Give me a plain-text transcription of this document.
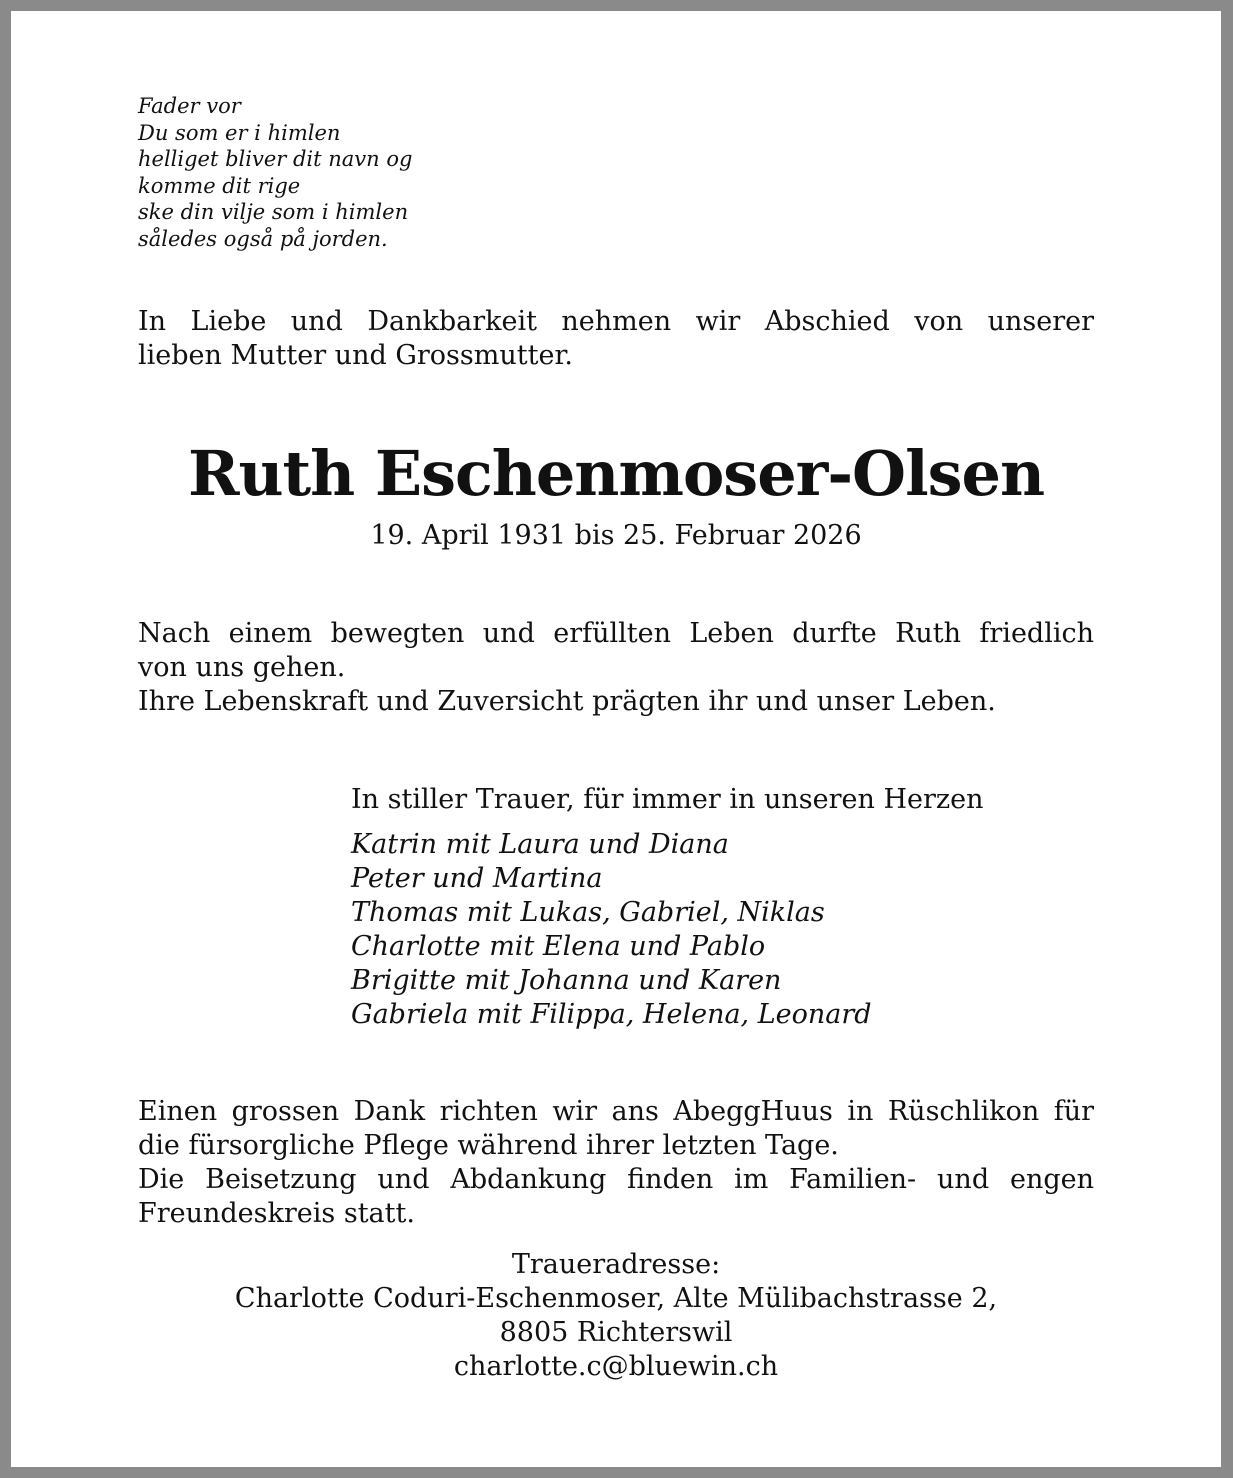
Fader vor
Du som er i himlen
helliget bliver dit navn og
komme dit rige
ske din vilje som i himlen
således også på jorden.
In Liebe und Dankbarkeit nehmen wir Abschied von unserer
lieben Mutter und Grossmutter.
Ruth Eschenmoser-Olsen
19. April 1931 bis 25. Februar 2026
Nach einem bewegten und erfüllten Leben durfte Ruth friedlich
von uns gehen.
Ihre Lebenskraft und Zuversicht prägten ihr und unser Leben.
In stiller Trauer, für immer in unseren Herzen
Katrin mit Laura und Diana
Peter und Martina
Thomas mit Lukas, Gabriel, Niklas
Charlotte mit Elena und Pablo
Brigitte mit Johanna und Karen
Gabriela mit Filippa, Helena, Leonard
Einen grossen Dank richten wir ans AbeggHuus in Rüschlikon für
die fürsorgliche Pflege während ihrer letzten Tage.
Die Beisetzung und Abdankung finden im Familien- und engen
Freundeskreis statt.
Traueradresse:
Charlotte Coduri-Eschenmoser, Alte Mülibachstrasse 2,
8805 Richterswil
charlotte.c@bluewin.ch
